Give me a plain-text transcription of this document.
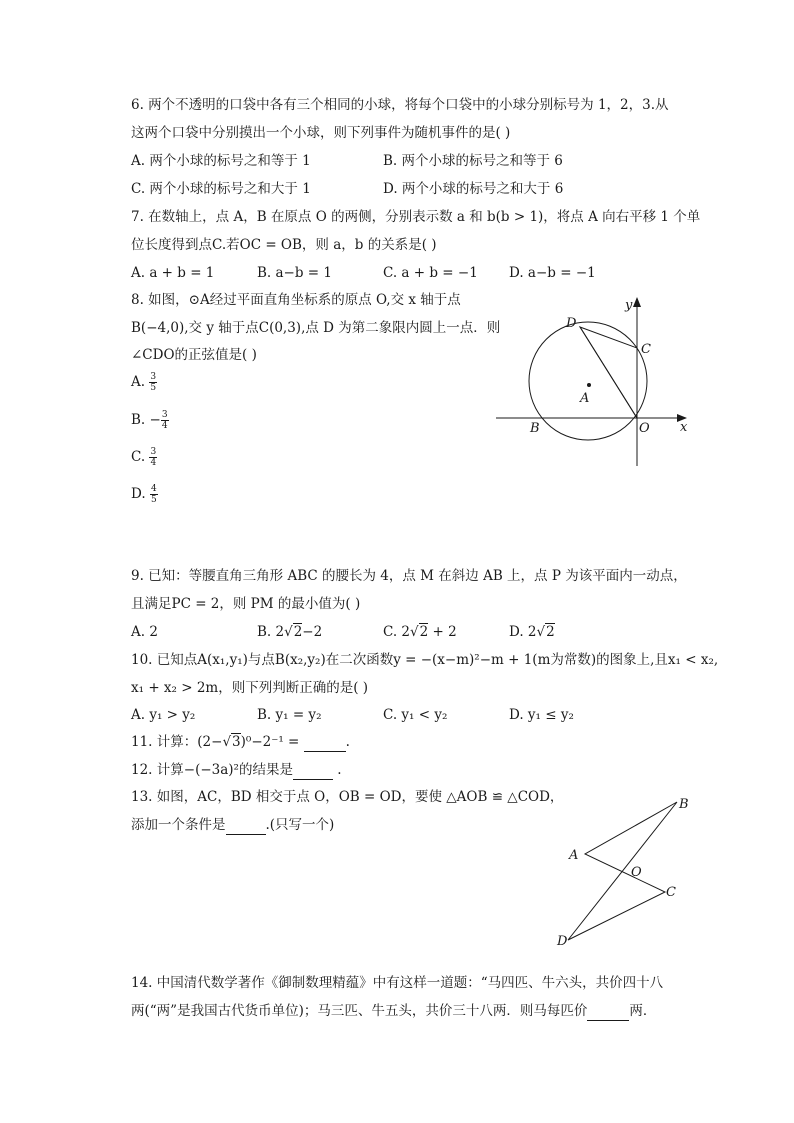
6. 两个不透明的口袋中各有三个相同的小球，将每个口袋中的小球分别标号为 1，2，3.从
这两个口袋中分别摸出一个小球，则下列事件为随机事件的是( )
A. 两个小球的标号之和等于 1	B. 两个小球的标号之和等于 6
C. 两个小球的标号之和大于 1	D. 两个小球的标号之和大于 6
7. 在数轴上，点 A，B 在原点 O 的两侧，分别表示数 a 和 b(b > 1)，将点 A 向右平移 1 个单
位长度得到点C.若OC = OB，则 a，b 的关系是( )
A. a + b = 1	B. a−b = 1	C. a + b = −1 D. a−b = −1
8. 如图，⊙A经过平面直角坐标系的原点 O,交 x 轴于点
B(−4,0),交 y 轴于点C(0,3),点 D 为第二象限内圆上一点．则
∠CDO的正弦值是( )
A. $\frac{3}{5}$
B. − $\frac{3}{4}$
C. $\frac{3}{4}$
D. $\frac{4}{5}$
y
x
D
C
A
B	O
9. 已知：等腰直角三角形 ABC 的腰长为 4，点 M 在斜边 AB 上，点 P 为该平面内一动点，
且满足PC = 2，则 PM 的最小值为( )
A. 2	B. 2√2−2	C. 2√2 + 2	D. 2√2
10. 已知点A(x₁,y₁)与点B(x₂,y₂)在二次函数y = −(x−m)²−m + 1(m为常数)的图象上,且x₁ < x₂,
x₁ + x₂ > 2m，则下列判断正确的是( )
A. y₁ > y₂	B. y₁ = y₂	C. y₁ < y₂	D. y₁ ≤ y₂
11. 计算：(2−√3)⁰−2⁻¹ =	.
12. 计算−(−3a)²的结果是	.
13. 如图，AC，BD 相交于点 O，OB = OD，要使 △AOB ≌ △COD，
添加一个条件是	.(只写一个)
B
A
O
C
D
14. 中国清代数学著作《御制数理精蕴》中有这样一道题：“马四匹、牛六头，共价四十八
两(“两”是我国古代货币单位)；马三匹、牛五头，共价三十八两．则马每匹价	两．
